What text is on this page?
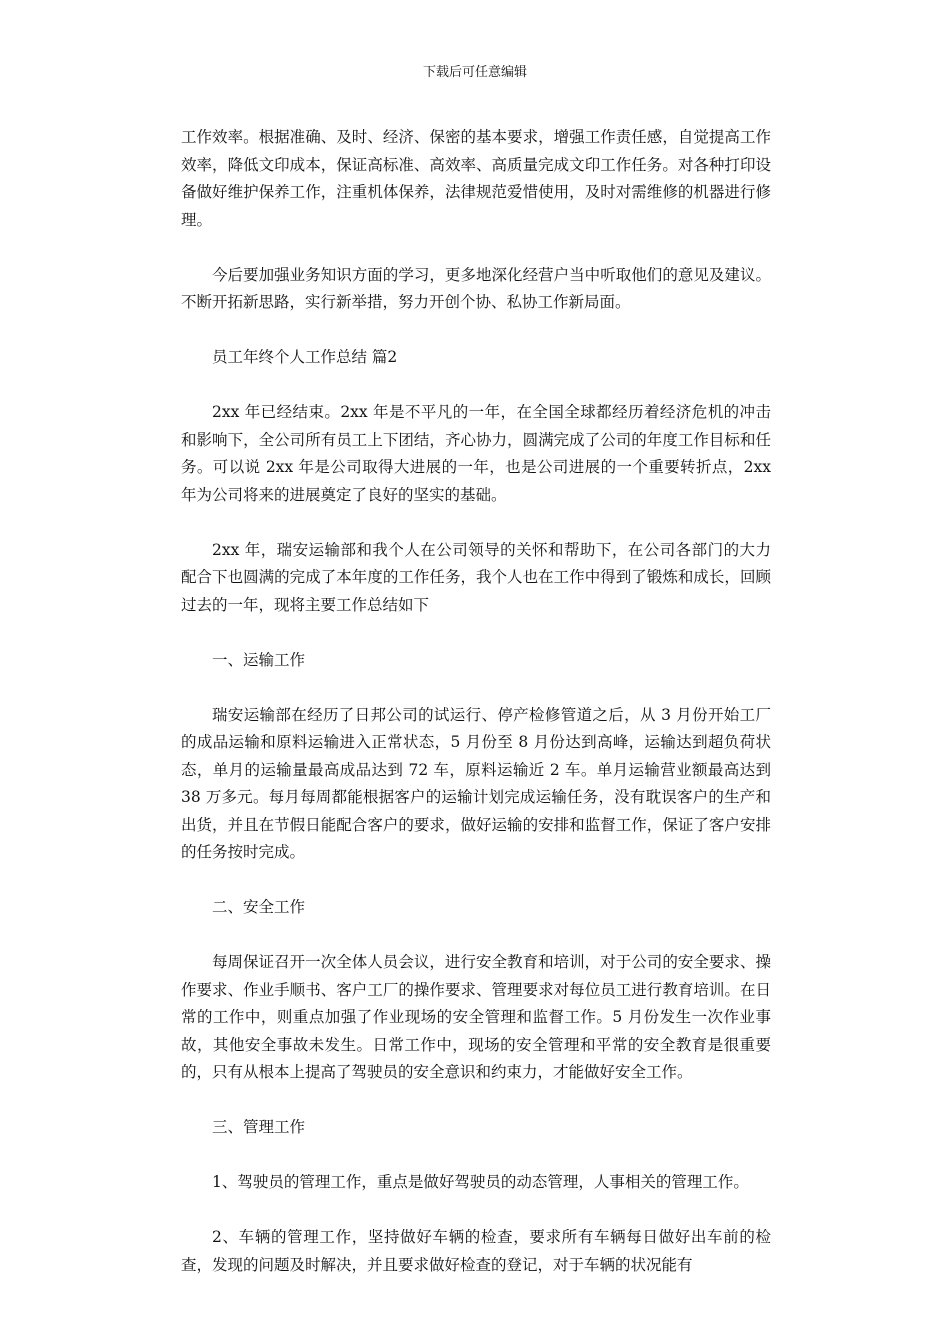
下载后可任意编辑

工作效率。根据准确、及时、经济、保密的基本要求，增强工作责任感，自觉提高工作效率，降低文印成本，保证高标准、高效率、高质量完成文印工作任务。对各种打印设备做好维护保养工作，注重机体保养，法律规范爱惜使用，及时对需维修的机器进行修理。

今后要加强业务知识方面的学习，更多地深化经营户当中听取他们的意见及建议。不断开拓新思路，实行新举措，努力开创个协、私协工作新局面。

员工年终个人工作总结 篇2

2xx 年已经结束。2xx 年是不平凡的一年，在全国全球都经历着经济危机的冲击和影响下，全公司所有员工上下团结，齐心协力，圆满完成了公司的年度工作目标和任务。可以说 2xx 年是公司取得大进展的一年，也是公司进展的一个重要转折点，2xx 年为公司将来的进展奠定了良好的坚实的基础。

2xx 年，瑞安运输部和我个人在公司领导的关怀和帮助下，在公司各部门的大力配合下也圆满的完成了本年度的工作任务，我个人也在工作中得到了锻炼和成长，回顾过去的一年，现将主要工作总结如下

一、运输工作

瑞安运输部在经历了日邦公司的试运行、停产检修管道之后，从 3 月份开始工厂的成品运输和原料运输进入正常状态，5 月份至 8 月份达到高峰，运输达到超负荷状态，单月的运输量最高成品达到 72 车，原料运输近 2 车。单月运输营业额最高达到 38 万多元。每月每周都能根据客户的运输计划完成运输任务，没有耽误客户的生产和出货，并且在节假日能配合客户的要求，做好运输的安排和监督工作，保证了客户安排的任务按时完成。

二、安全工作

每周保证召开一次全体人员会议，进行安全教育和培训，对于公司的安全要求、操作要求、作业手顺书、客户工厂的操作要求、管理要求对每位员工进行教育培训。在日常的工作中，则重点加强了作业现场的安全管理和监督工作。5 月份发生一次作业事故，其他安全事故未发生。日常工作中，现场的安全管理和平常的安全教育是很重要的，只有从根本上提高了驾驶员的安全意识和约束力，才能做好安全工作。

三、管理工作

1、驾驶员的管理工作，重点是做好驾驶员的动态管理，人事相关的管理工作。

2、车辆的管理工作，坚持做好车辆的检查，要求所有车辆每日做好出车前的检查，发现的问题及时解决，并且要求做好检查的登记，对于车辆的状况能有
